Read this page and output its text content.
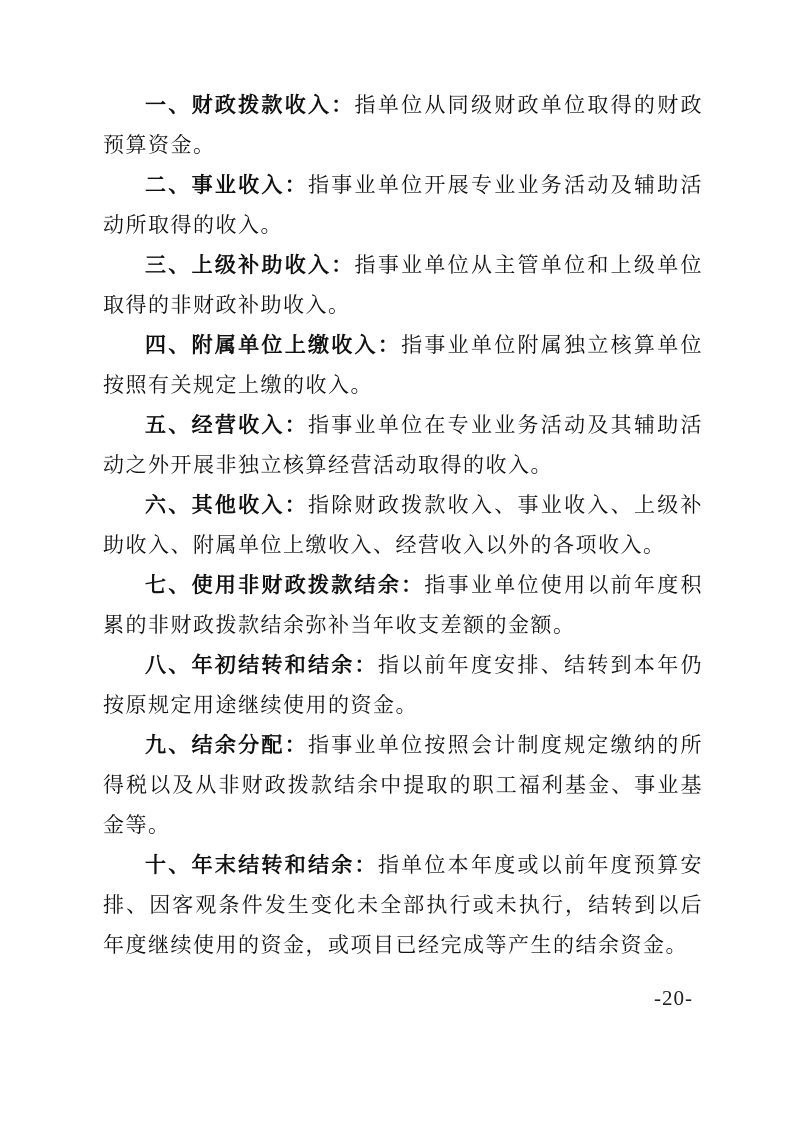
一、财政拨款收入：指单位从同级财政单位取得的财政预算资金。

二、事业收入：指事业单位开展专业业务活动及辅助活动所取得的收入。

三、上级补助收入：指事业单位从主管单位和上级单位取得的非财政补助收入。

四、附属单位上缴收入：指事业单位附属独立核算单位按照有关规定上缴的收入。

五、经营收入：指事业单位在专业业务活动及其辅助活动之外开展非独立核算经营活动取得的收入。

六、其他收入：指除财政拨款收入、事业收入、上级补助收入、附属单位上缴收入、经营收入以外的各项收入。

七、使用非财政拨款结余：指事业单位使用以前年度积累的非财政拨款结余弥补当年收支差额的金额。

八、年初结转和结余：指以前年度安排、结转到本年仍按原规定用途继续使用的资金。

九、结余分配：指事业单位按照会计制度规定缴纳的所得税以及从非财政拨款结余中提取的职工福利基金、事业基金等。

十、年末结转和结余：指单位本年度或以前年度预算安排、因客观条件发生变化未全部执行或未执行，结转到以后年度继续使用的资金，或项目已经完成等产生的结余资金。

-20-
